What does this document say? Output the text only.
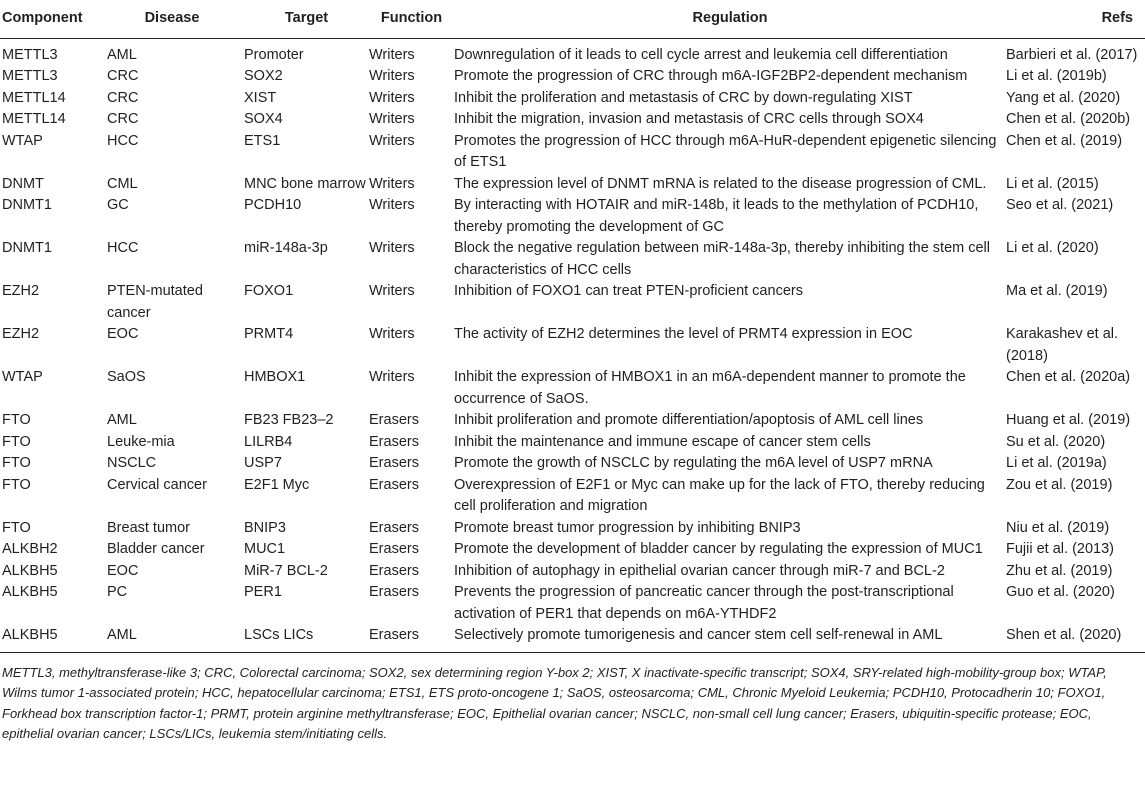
Component	Disease	Target	Function	Regulation	Refs
METTL3	AML	Promoter	Writers	Downregulation of it leads to cell cycle arrest and leukemia cell differentiation	Barbieri et al. (2017)
METTL3	CRC	SOX2	Writers	Promote the progression of CRC through m6A-IGF2BP2-dependent mechanism	Li et al. (2019b)
METTL14	CRC	XIST	Writers	Inhibit the proliferation and metastasis of CRC by down-regulating XIST	Yang et al. (2020)
METTL14	CRC	SOX4	Writers	Inhibit the migration, invasion and metastasis of CRC cells through SOX4	Chen et al. (2020b)
WTAP	HCC	ETS1	Writers	Promotes the progression of HCC through m6A-HuR-dependent epigenetic silencing of ETS1	Chen et al. (2019)
DNMT	CML	MNC bone marrow	Writers	The expression level of DNMT mRNA is related to the disease progression of CML.	Li et al. (2015)
DNMT1	GC	PCDH10	Writers	By interacting with HOTAIR and miR-148b, it leads to the methylation of PCDH10, thereby promoting the development of GC	Seo et al. (2021)
DNMT1	HCC	miR-148a-3p	Writers	Block the negative regulation between miR-148a-3p, thereby inhibiting the stem cell characteristics of HCC cells	Li et al. (2020)
EZH2	PTEN-mutated cancer	FOXO1	Writers	Inhibition of FOXO1 can treat PTEN-proficient cancers	Ma et al. (2019)
EZH2	EOC	PRMT4	Writers	The activity of EZH2 determines the level of PRMT4 expression in EOC	Karakashev et al. (2018)
WTAP	SaOS	HMBOX1	Writers	Inhibit the expression of HMBOX1 in an m6A-dependent manner to promote the occurrence of SaOS.	Chen et al. (2020a)
FTO	AML	FB23 FB23–2	Erasers	Inhibit proliferation and promote differentiation/apoptosis of AML cell lines	Huang et al. (2019)
FTO	Leuke-mia	LILRB4	Erasers	Inhibit the maintenance and immune escape of cancer stem cells	Su et al. (2020)
FTO	NSCLC	USP7	Erasers	Promote the growth of NSCLC by regulating the m6A level of USP7 mRNA	Li et al. (2019a)
FTO	Cervical cancer	E2F1 Myc	Erasers	Overexpression of E2F1 or Myc can make up for the lack of FTO, thereby reducing cell proliferation and migration	Zou et al. (2019)
FTO	Breast tumor	BNIP3	Erasers	Promote breast tumor progression by inhibiting BNIP3	Niu et al. (2019)
ALKBH2	Bladder cancer	MUC1	Erasers	Promote the development of bladder cancer by regulating the expression of MUC1	Fujii et al. (2013)
ALKBH5	EOC	MiR-7 BCL-2	Erasers	Inhibition of autophagy in epithelial ovarian cancer through miR-7 and BCL-2	Zhu et al. (2019)
ALKBH5	PC	PER1	Erasers	Prevents the progression of pancreatic cancer through the post-transcriptional activation of PER1 that depends on m6A-YTHDF2	Guo et al. (2020)
ALKBH5	AML	LSCs LICs	Erasers	Selectively promote tumorigenesis and cancer stem cell self-renewal in AML	Shen et al. (2020)
METTL3, methyltransferase-like 3; CRC, Colorectal carcinoma; SOX2, sex determining region Y-box 2; XIST, X inactivate-specific transcript; SOX4, SRY-related high-mobility-group box; WTAP, Wilms tumor 1-associated protein; HCC, hepatocellular carcinoma; ETS1, ETS proto-oncogene 1; SaOS, osteosarcoma; CML, Chronic Myeloid Leukemia; PCDH10, Protocadherin 10; FOXO1, Forkhead box transcription factor-1; PRMT, protein arginine methyltransferase; EOC, Epithelial ovarian cancer; NSCLC, non-small cell lung cancer; Erasers, ubiquitin-specific protease; EOC, epithelial ovarian cancer; LSCs/LICs, leukemia stem/initiating cells.
